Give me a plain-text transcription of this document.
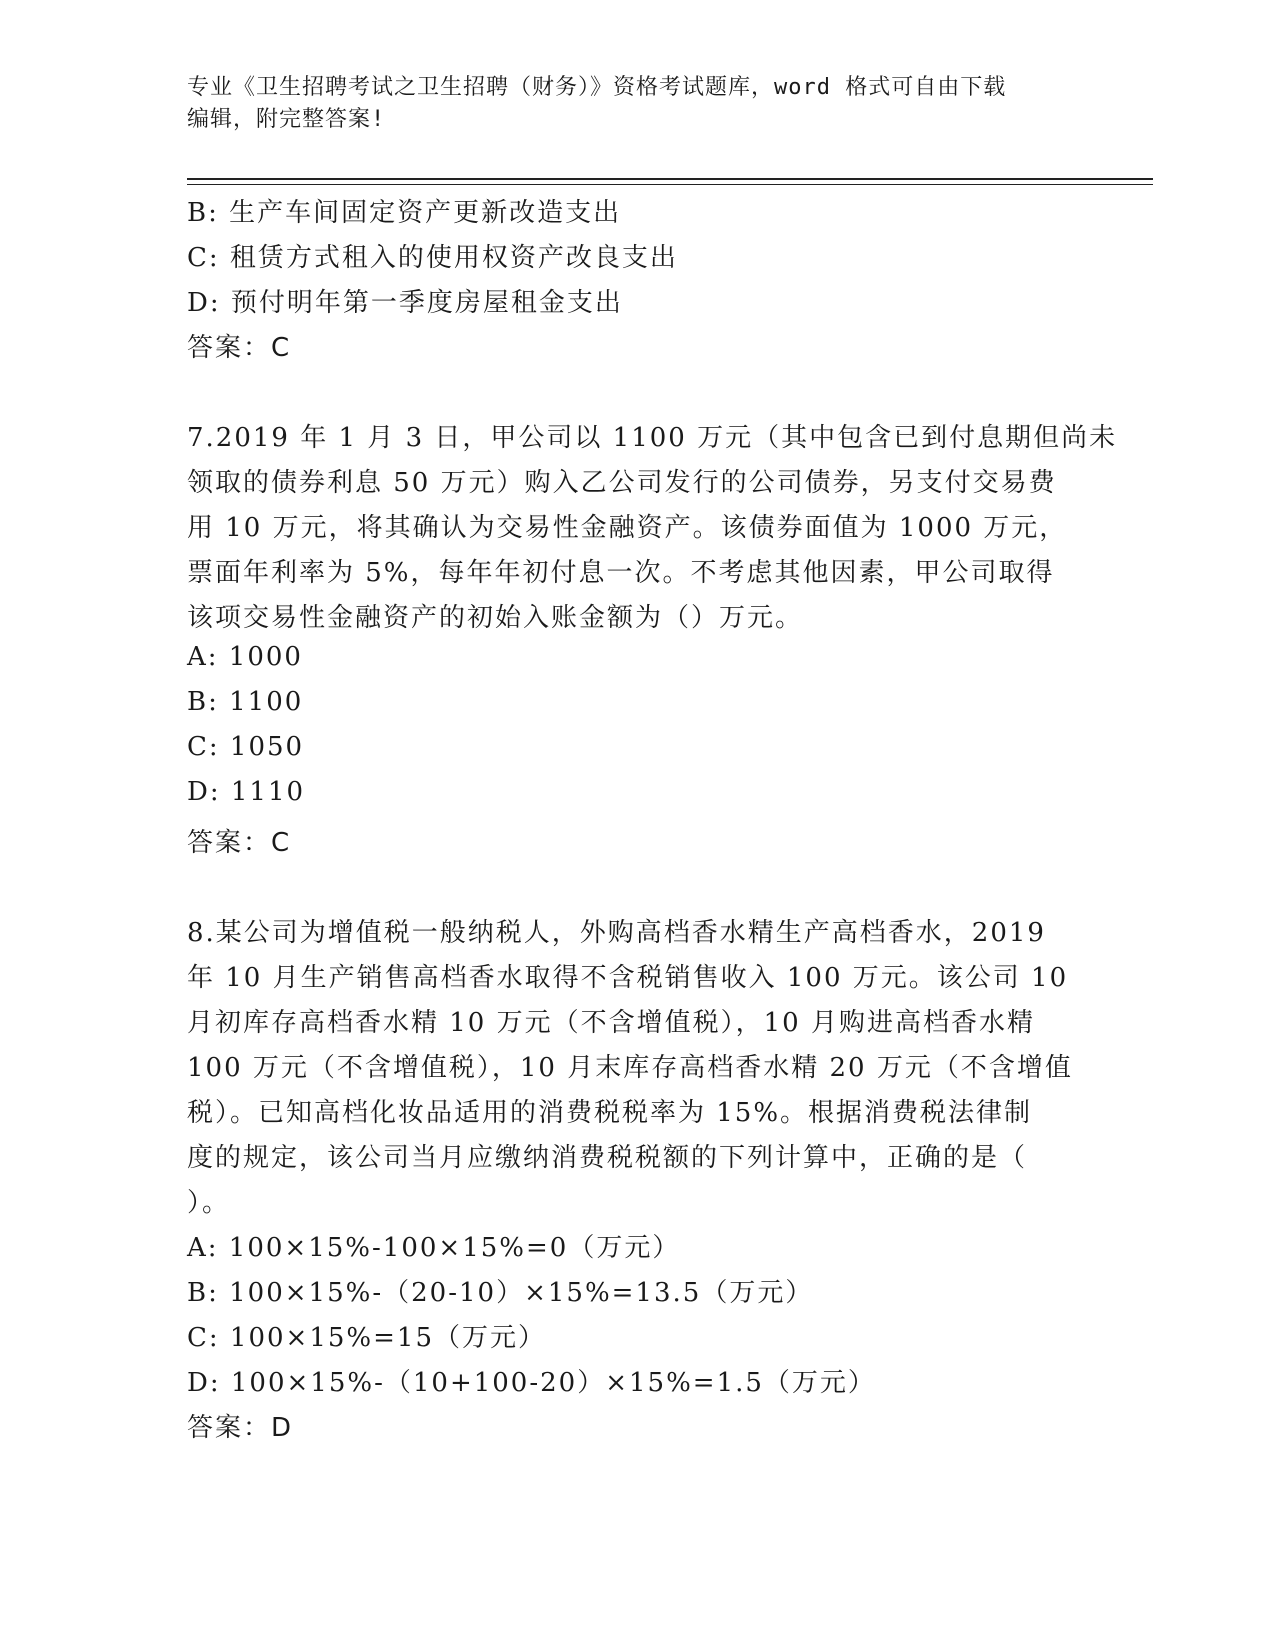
专业《卫生招聘考试之卫生招聘（财务）》资格考试题库，word 格式可自由下载
编辑，附完整答案!
B: 生产车间固定资产更新改造支出
C: 租赁方式租入的使用权资产改良支出
D: 预付明年第一季度房屋租金支出
答案：C
7.2019 年 1 月 3 日，甲公司以 1100 万元（其中包含已到付息期但尚未
领取的债券利息 50 万元）购入乙公司发行的公司债券，另支付交易费
用 10 万元，将其确认为交易性金融资产。该债券面值为 1000 万元，
票面年利率为 5%，每年年初付息一次。不考虑其他因素，甲公司取得
该项交易性金融资产的初始入账金额为（）万元。
A: 1000
B: 1100
C: 1050
D: 1110
答案：C
8.某公司为增值税一般纳税人，外购高档香水精生产高档香水，2019
年 10 月生产销售高档香水取得不含税销售收入 100 万元。该公司 10
月初库存高档香水精 10 万元（不含增值税），10 月购进高档香水精
100 万元（不含增值税），10 月末库存高档香水精 20 万元（不含增值
税）。已知高档化妆品适用的消费税税率为 15%。根据消费税法律制
度的规定，该公司当月应缴纳消费税税额的下列计算中，正确的是（
）。
A: 100×15%-100×15%=0（万元）
B: 100×15%-（20-10）×15%=13.5（万元）
C: 100×15%=15（万元）
D: 100×15%-（10+100-20）×15%=1.5（万元）
答案：D
